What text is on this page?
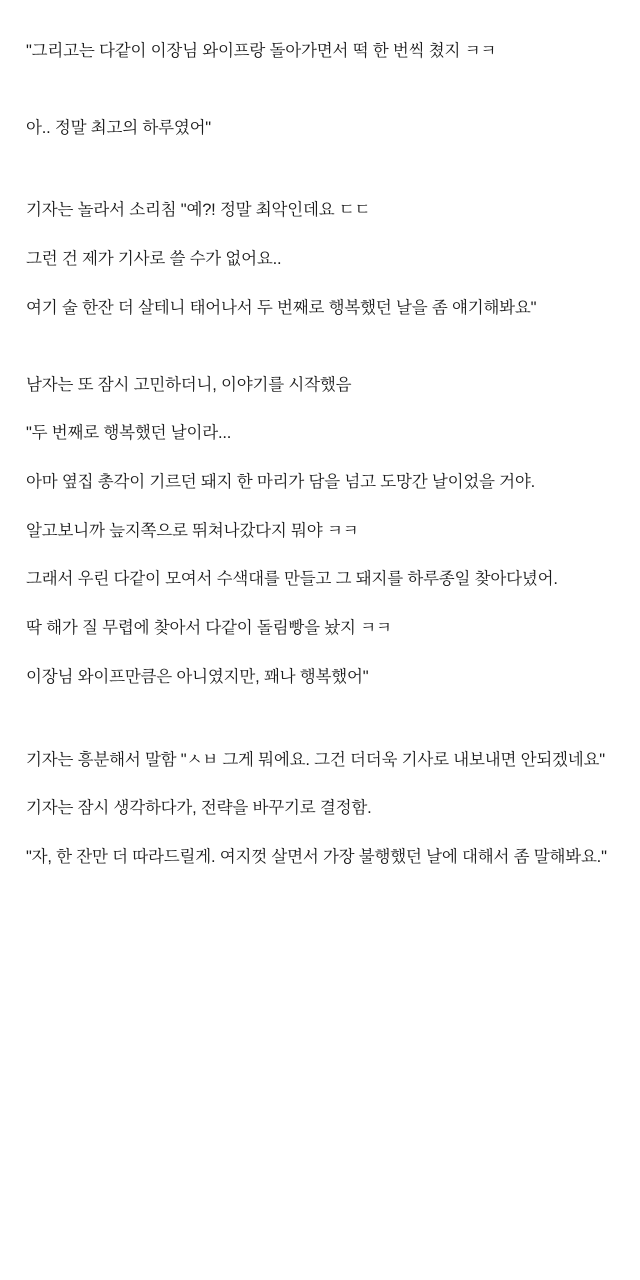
"그리고는 다같이 이장님 와이프랑 돌아가면서 떡 한 번씩 쳤지 ㅋㅋ

아.. 정말 최고의 하루였어"

기자는 놀라서 소리침 "예?! 정말 최악인데요 ㄷㄷ

그런 건 제가 기사로 쓸 수가 없어요..

여기 술 한잔 더 살테니 태어나서 두 번째로 행복했던 날을 좀 얘기해봐요"

남자는 또 잠시 고민하더니, 이야기를 시작했음

"두 번째로 행복했던 날이라...

아마 옆집 총각이 기르던 돼지 한 마리가 담을 넘고 도망간 날이었을 거야.

알고보니까 늪지쪽으로 뛰쳐나갔다지 뭐야 ㅋㅋ

그래서 우린 다같이 모여서 수색대를 만들고 그 돼지를 하루종일 찾아다녔어.

딱 해가 질 무렵에 찾아서 다같이 돌림빵을 놨지 ㅋㅋ

이장님 와이프만큼은 아니였지만, 꽤나 행복했어"

기자는 흥분해서 말함 "ㅅㅂ 그게 뭐에요. 그건 더더욱 기사로 내보내면 안되겠네요"

기자는 잠시 생각하다가, 전략을 바꾸기로 결정함.

"자, 한 잔만 더 따라드릴게. 여지껏 살면서 가장 불행했던 날에 대해서 좀 말해봐요."
